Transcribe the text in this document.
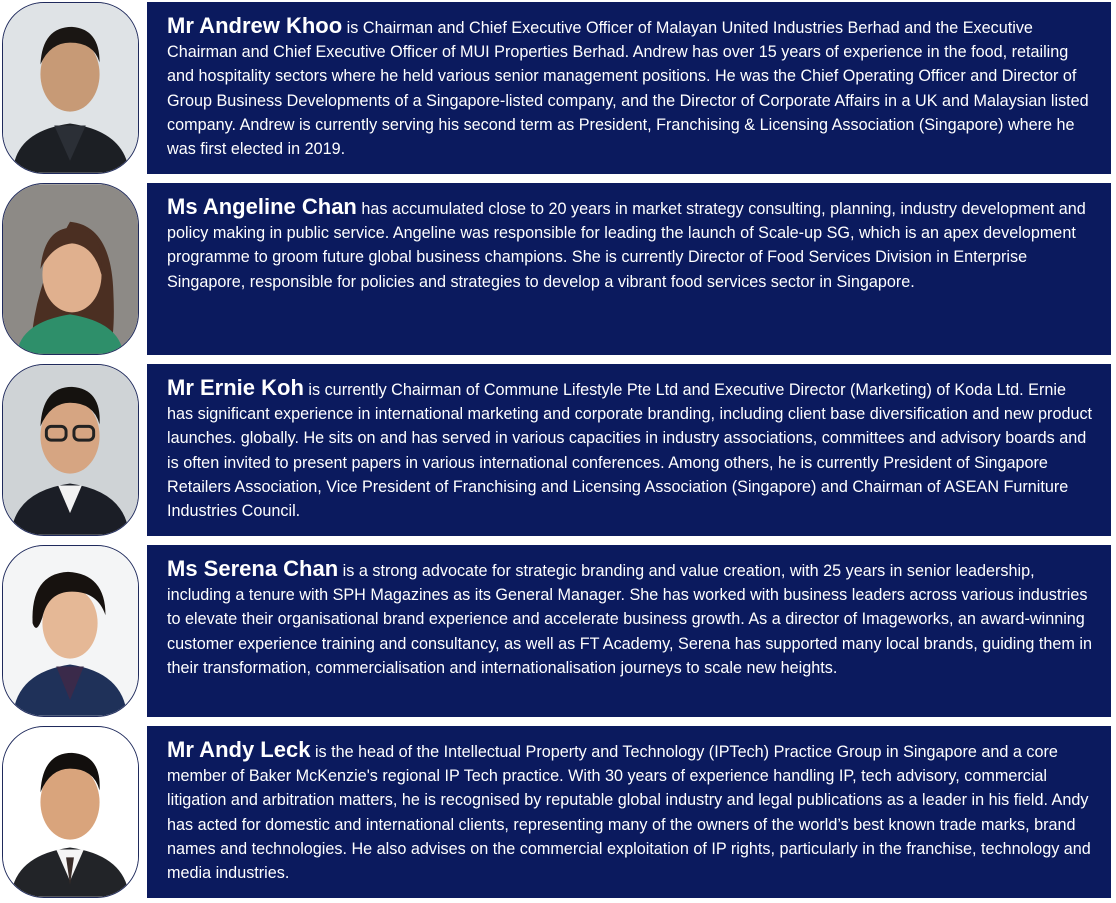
Mr Andrew Khoo is Chairman and Chief Executive Officer of Malayan United Industries Berhad and the Executive Chairman and Chief Executive Officer of MUI Properties Berhad. Andrew has over 15 years of experience in the food, retailing and hospitality sectors where he held various senior management positions. He was the Chief Operating Officer and Director of Group Business Developments of a Singapore-listed company, and the Director of Corporate Affairs in a UK and Malaysian listed company. Andrew is currently serving his second term as President, Franchising & Licensing Association (Singapore) where he was first elected in 2019.
Ms Angeline Chan has accumulated close to 20 years in market strategy consulting, planning, industry development and policy making in public service. Angeline was responsible for leading the launch of Scale-up SG, which is an apex development programme to groom future global business champions. She is currently Director of Food Services Division in Enterprise Singapore, responsible for policies and strategies to develop a vibrant food services sector in Singapore.
Mr Ernie Koh is currently Chairman of Commune Lifestyle Pte Ltd and Executive Director (Marketing) of Koda Ltd. Ernie has significant experience in international marketing and corporate branding, including client base diversification and new product launches. globally. He sits on and has served in various capacities in industry associations, committees and advisory boards and is often invited to present papers in various international conferences. Among others, he is currently President of Singapore Retailers Association, Vice President of Franchising and Licensing Association (Singapore) and Chairman of ASEAN Furniture Industries Council.
Ms Serena Chan is a strong advocate for strategic branding and value creation, with 25 years in senior leadership, including a tenure with SPH Magazines as its General Manager. She has worked with business leaders across various industries to elevate their organisational brand experience and accelerate business growth. As a director of Imageworks, an award-winning customer experience training and consultancy, as well as FT Academy, Serena has supported many local brands, guiding them in their transformation, commercialisation and internationalisation journeys to scale new heights.
Mr Andy Leck is the head of the Intellectual Property and Technology (IPTech) Practice Group in Singapore and a core member of Baker McKenzie's regional IP Tech practice. With 30 years of experience handling IP, tech advisory, commercial litigation and arbitration matters, he is recognised by reputable global industry and legal publications as a leader in his field. Andy has acted for domestic and international clients, representing many of the owners of the world’s best known trade marks, brand names and technologies. He also advises on the commercial exploitation of IP rights, particularly in the franchise, technology and media industries.
